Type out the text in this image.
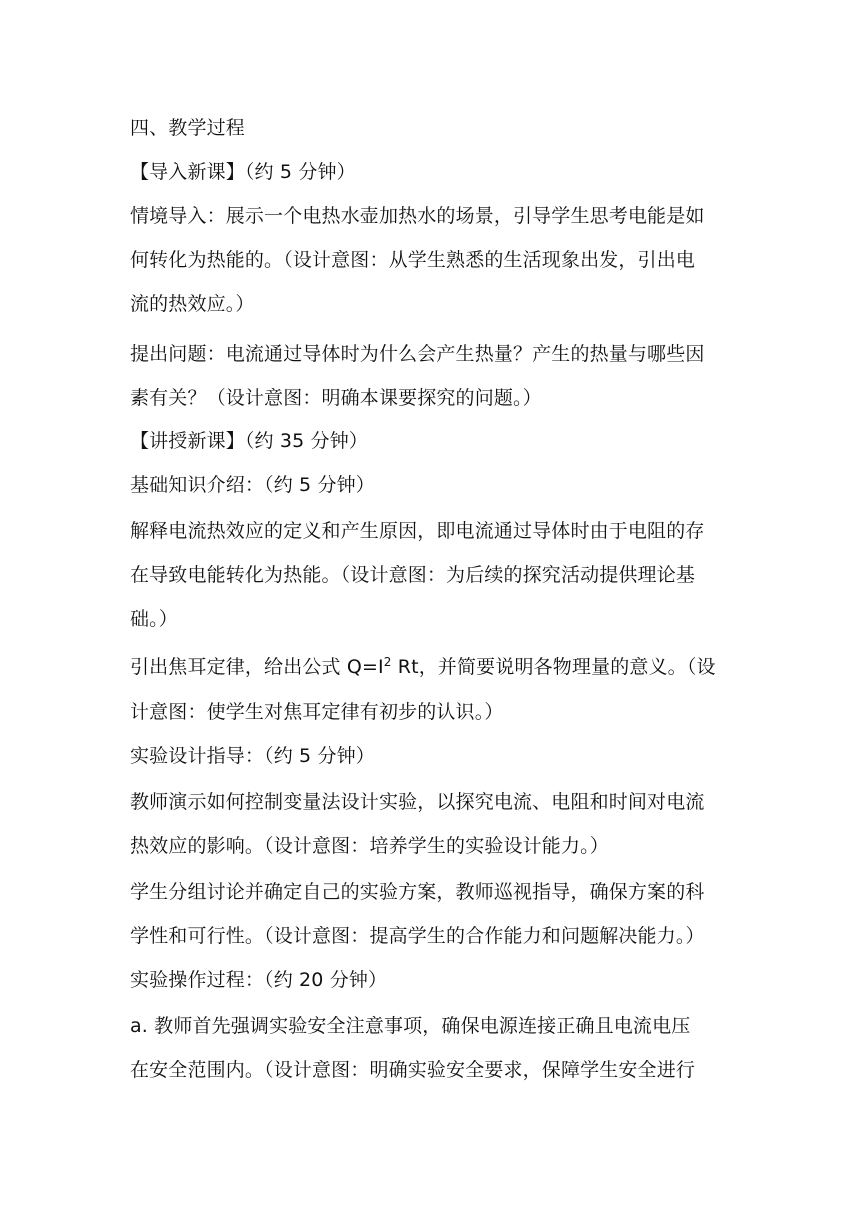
四、教学过程
【导入新课】（约 5 分钟）
情境导入：展示一个电热水壶加热水的场景，引导学生思考电能是如
何转化为热能的。（设计意图：从学生熟悉的生活现象出发，引出电
流的热效应。）
提出问题：电流通过导体时为什么会产生热量？产生的热量与哪些因
素有关？（设计意图：明确本课要探究的问题。）
【讲授新课】（约 35 分钟）
基础知识介绍：（约 5 分钟）
解释电流热效应的定义和产生原因，即电流通过导体时由于电阻的存
在导致电能转化为热能。（设计意图：为后续的探究活动提供理论基
础。）
引出焦耳定律，给出公式 $Q=I^2$ Rt，并简要说明各物理量的意义。（设
计意图：使学生对焦耳定律有初步的认识。）
实验设计指导：（约 5 分钟）
教师演示如何控制变量法设计实验，以探究电流、电阻和时间对电流
热效应的影响。（设计意图：培养学生的实验设计能力。）
学生分组讨论并确定自己的实验方案，教师巡视指导，确保方案的科
学性和可行性。（设计意图：提高学生的合作能力和问题解决能力。）
实验操作过程：（约 20 分钟）
a. 教师首先强调实验安全注意事项，确保电源连接正确且电流电压
在安全范围内。（设计意图：明确实验安全要求，保障学生安全进行
